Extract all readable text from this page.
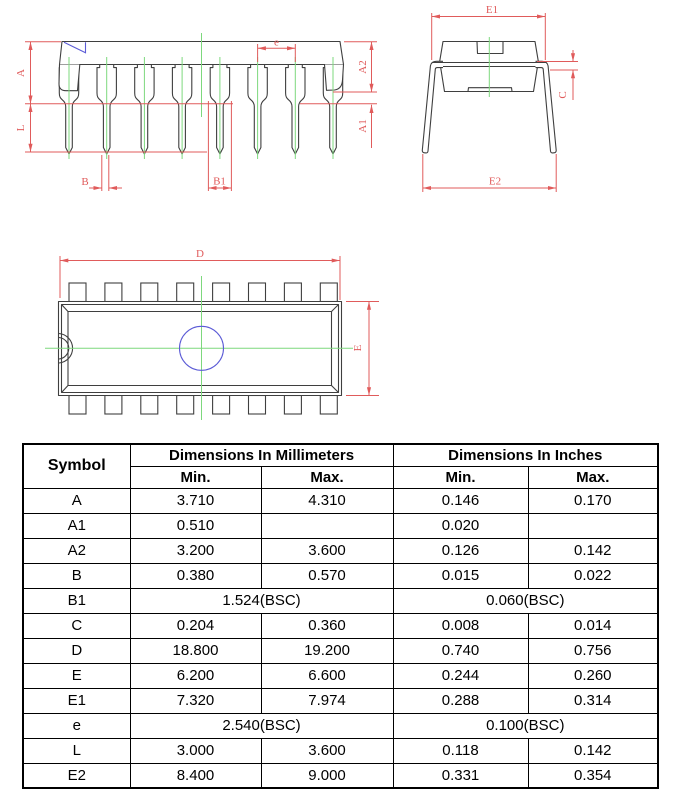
A
L
A2
A1
e
B	B1
E1
E2
C
D
E
Symbol	Dimensions In Millimeters		Dimensions In Inches	
	Min.	Max.	Min.	Max.
A	3.710	4.310	0.146	0.170
A1	0.510		0.020	
A2	3.200	3.600	0.126	0.142
B	0.380	0.570	0.015	0.022
B1	1.524(BSC)		0.060(BSC)	
C	0.204	0.360	0.008	0.014
D	18.800	19.200	0.740	0.756
E	6.200	6.600	0.244	0.260
E1	7.320	7.974	0.288	0.314
e	2.540(BSC)		0.100(BSC)	
L	3.000	3.600	0.118	0.142
E2	8.400	9.000	0.331	0.354
